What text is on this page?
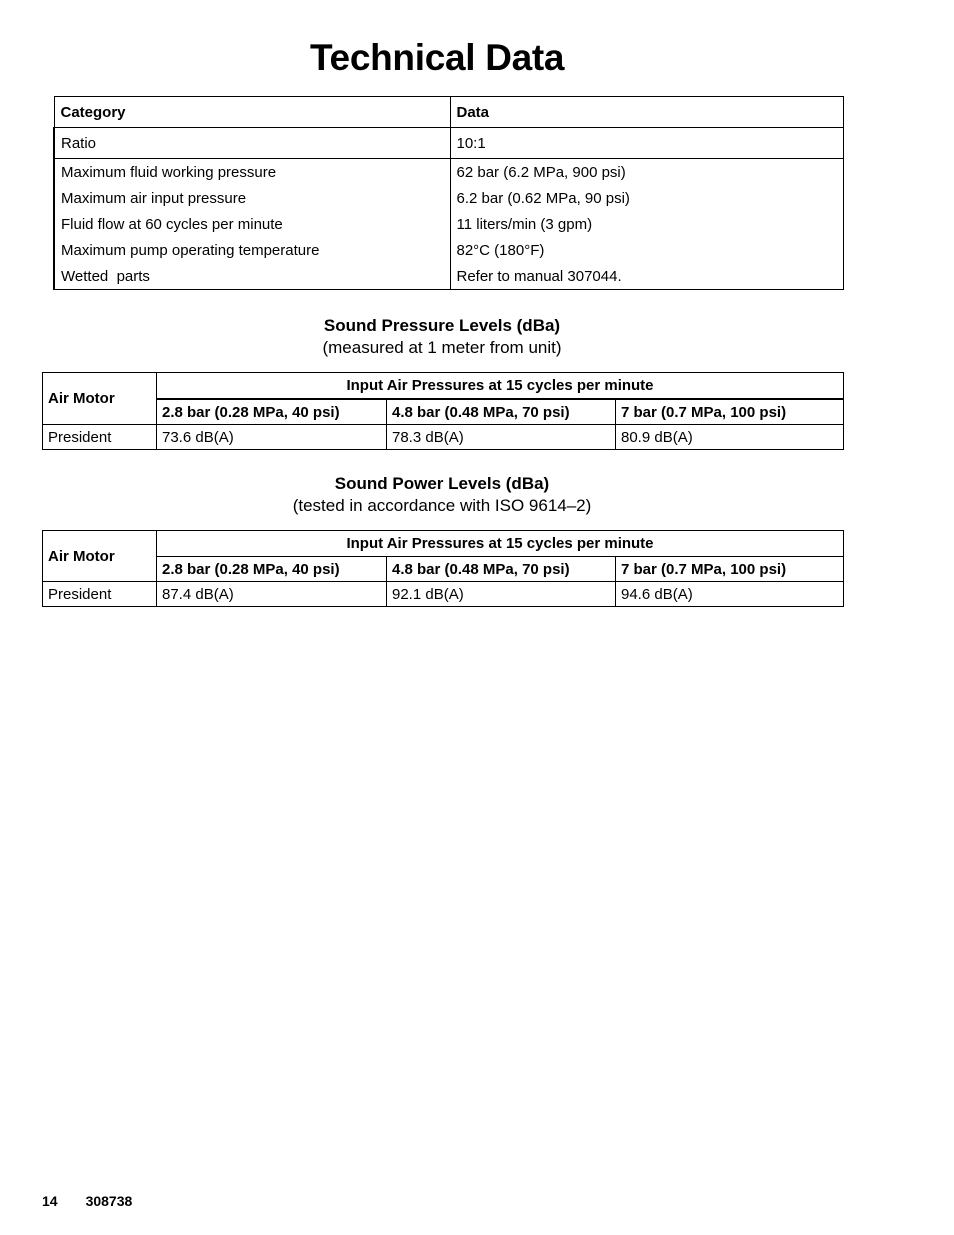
Technical Data
Category	Data
Ratio	10:1
Maximum fluid working pressure	62 bar (6.2 MPa, 900 psi)
Maximum air input pressure	6.2 bar (0.62 MPa, 90 psi)
Fluid flow at 60 cycles per minute	11 liters/min (3 gpm)
Maximum pump operating temperature	82°C (180°F)
Wetted  parts	Refer to manual 307044.
Sound Pressure Levels (dBa)
(measured at 1 meter from unit)
Air Motor	Input Air Pressures at 15 cycles per minute		
	2.8 bar (0.28 MPa, 40 psi)	4.8 bar (0.48 MPa, 70 psi)	7 bar (0.7 MPa, 100 psi)
President	73.6 dB(A)	78.3 dB(A)	80.9 dB(A)
Sound Power Levels (dBa)
(tested in accordance with ISO 9614–2)
Air Motor	Input Air Pressures at 15 cycles per minute		
	2.8 bar (0.28 MPa, 40 psi)	4.8 bar (0.48 MPa, 70 psi)	7 bar (0.7 MPa, 100 psi)
President	87.4 dB(A)	92.1 dB(A)	94.6 dB(A)
14 308738
